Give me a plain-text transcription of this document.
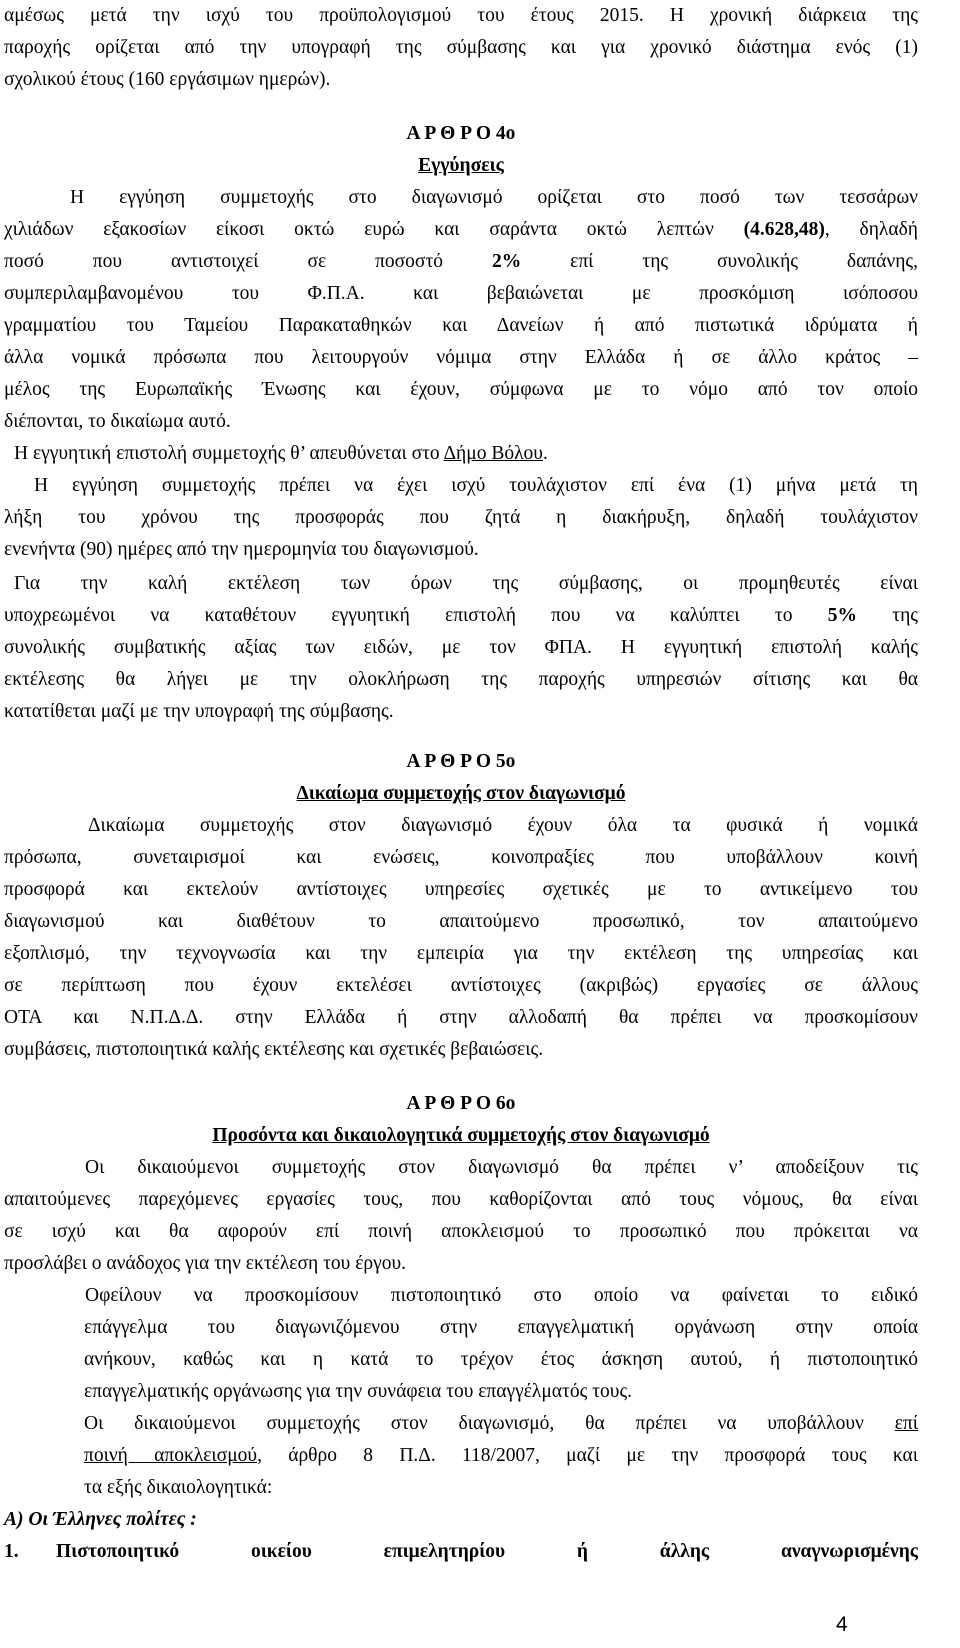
αμέσως μετά την ισχύ του προϋπολογισμού του έτους 2015. Η χρονική διάρκεια της
παροχής ορίζεται από την υπογραφή της σύμβασης και για χρονικό διάστημα ενός (1)
σχολικού έτους (160 εργάσιμων ημερών).
Α Ρ Θ Ρ Ο 4ο
Εγγύησεις
Η εγγύηση συμμετοχής στο διαγωνισμό ορίζεται στο ποσό των τεσσάρων
χιλιάδων εξακοσίων είκοσι οκτώ ευρώ και σαράντα οκτώ λεπτών (4.628,48), δηλαδή
ποσό που αντιστοιχεί σε ποσοστό 2% επί της συνολικής δαπάνης,
συμπεριλαμβανομένου του Φ.Π.Α. και βεβαιώνεται με προσκόμιση ισόποσου
γραμματίου του Ταμείου Παρακαταθηκών και Δανείων ή από πιστωτικά ιδρύματα ή
άλλα νομικά πρόσωπα που λειτουργούν νόμιμα στην Ελλάδα ή σε άλλο κράτος –
μέλος της Ευρωπαϊκής Ένωσης και έχουν, σύμφωνα με το νόμο από τον οποίο
διέπονται, το δικαίωμα αυτό.
Η εγγυητική επιστολή συμμετοχής θ’ απευθύνεται στο Δήμο Βόλου.
Η εγγύηση συμμετοχής πρέπει να έχει ισχύ τουλάχιστον επί ένα (1) μήνα μετά τη
λήξη του χρόνου της προσφοράς που ζητά η διακήρυξη, δηλαδή τουλάχιστον
ενενήντα (90) ημέρες από την ημερομηνία του διαγωνισμού.
Για την καλή εκτέλεση των όρων της σύμβασης, οι προμηθευτές είναι
υποχρεωμένοι να καταθέτουν εγγυητική επιστολή που να καλύπτει το 5% της
συνολικής συμβατικής αξίας των ειδών, με τον ΦΠΑ. Η εγγυητική επιστολή καλής
εκτέλεσης θα λήγει με την ολοκλήρωση της παροχής υπηρεσιών σίτισης και θα
κατατίθεται μαζί με την υπογραφή της σύμβασης.
Α Ρ Θ Ρ Ο 5ο
Δικαίωμα συμμετοχής στον διαγωνισμό
Δικαίωμα συμμετοχής στον διαγωνισμό έχουν όλα τα φυσικά ή νομικά
πρόσωπα, συνεταιρισμοί και ενώσεις, κοινοπραξίες που υποβάλλουν κοινή
προσφορά και εκτελούν αντίστοιχες υπηρεσίες σχετικές με το αντικείμενο του
διαγωνισμού και διαθέτουν το απαιτούμενο προσωπικό, τον απαιτούμενο
εξοπλισμό, την τεχνογνωσία και την εμπειρία για την εκτέλεση της υπηρεσίας και
σε περίπτωση που έχουν εκτελέσει αντίστοιχες (ακριβώς) εργασίες σε άλλους
ΟΤΑ και Ν.Π.Δ.Δ. στην Ελλάδα ή στην αλλοδαπή θα πρέπει να προσκομίσουν
συμβάσεις, πιστοποιητικά καλής εκτέλεσης και σχετικές βεβαιώσεις.
Α Ρ Θ Ρ Ο 6ο
Προσόντα και δικαιολογητικά συμμετοχής στον διαγωνισμό
Οι δικαιούμενοι συμμετοχής στον διαγωνισμό θα πρέπει ν’ αποδείξουν τις
απαιτούμενες παρεχόμενες εργασίες τους, που καθορίζονται από τους νόμους, θα είναι
σε ισχύ και θα αφορούν επί ποινή αποκλεισμού το προσωπικό που πρόκειται να
προσλάβει ο ανάδοχος για την εκτέλεση του έργου.
Οφείλουν να προσκομίσουν πιστοποιητικό στο οποίο να φαίνεται το ειδικό
επάγγελμα του διαγωνιζόμενου στην επαγγελματική οργάνωση στην οποία
ανήκουν, καθώς και η κατά το τρέχον έτος άσκηση αυτού, ή πιστοποιητικό
επαγγελματικής οργάνωσης για την συνάφεια του επαγγέλματός τους.
Οι δικαιούμενοι συμμετοχής στον διαγωνισμό, θα πρέπει να υποβάλλουν επί
ποινή αποκλεισμού, άρθρο 8 Π.Δ. 118/2007, μαζί με την προσφορά τους και
τα εξής δικαιολογητικά:
Α) Οι Έλληνες πολίτες :
1.	Πιστοποιητικό οικείου επιμελητηρίου ή άλλης αναγνωρισμένης
4
